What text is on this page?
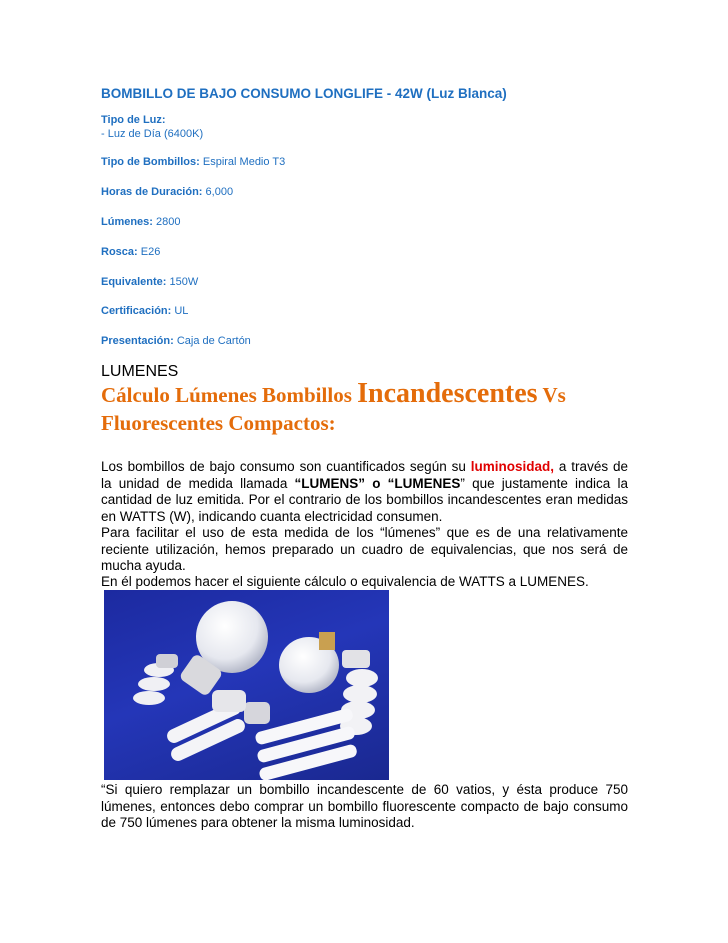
BOMBILLO DE BAJO CONSUMO LONGLIFE - 42W (Luz Blanca)
Tipo de Luz:
- Luz de Día (6400K)
Tipo de Bombillos: Espiral Medio T3
Horas de Duración: 6,000
Lúmenes: 2800
Rosca: E26
Equivalente: 150W
Certificación: UL
Presentación: Caja de Cartón
LUMENES
Cálculo Lúmenes Bombillos Incandescentes Vs Fluorescentes Compactos:
Los bombillos de bajo consumo son cuantificados según su luminosidad, a través de la unidad de medida llamada “LUMENS” o “LUMENES” que justamente indica la cantidad de luz emitida. Por el contrario de los bombillos incandescentes eran medidas en WATTS (W), indicando cuanta electricidad consumen.
Para facilitar el uso de esta medida de los “lúmenes” que es de una relativamente reciente utilización, hemos preparado un cuadro de equivalencias, que nos será de mucha ayuda.
En él podemos hacer el siguiente cálculo o equivalencia de WATTS a LUMENES.
“Si quiero remplazar un bombillo incandescente de 60 vatios, y ésta produce 750 lúmenes, entonces debo comprar un bombillo fluorescente compacto de bajo consumo de 750 lúmenes para obtener la misma luminosidad.
